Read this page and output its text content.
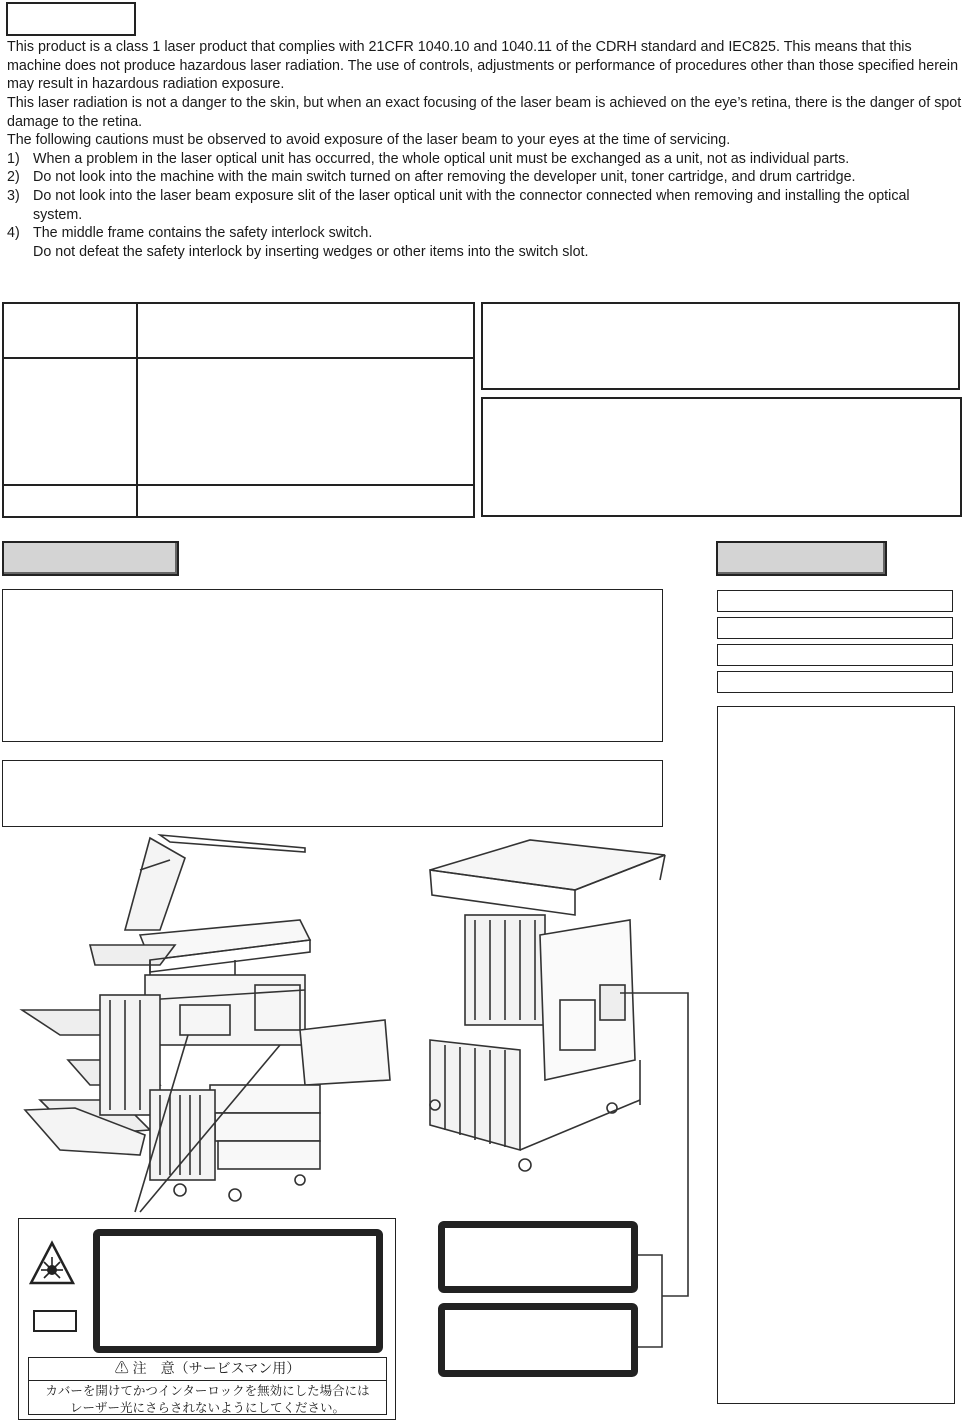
This product is a class 1 laser product that complies with 21CFR 1040.10 and 1040.11 of the CDRH standard and IEC825. This means that this machine does not produce hazardous laser radiation. The use of controls, adjustments or performance of procedures other than those specified herein may result in hazardous radiation exposure.

This laser radiation is not a danger to the skin, but when an exact focusing of the laser beam is achieved on the eye’s retina, there is the danger of spot damage to the retina.

The following cautions must be observed to avoid exposure of the laser beam to your eyes at the time of servicing.

1) When a problem in the laser optical unit has occurred, the whole optical unit must be exchanged as a unit, not as individual parts.
2) Do not look into the machine with the main switch turned on after removing the developer unit, toner cartridge, and drum cartridge.
3) Do not look into the laser beam exposure slit of the laser optical unit with the connector connected when removing and installing the optical system.
4) The middle frame contains the safety interlock switch.
Do not defeat the safety interlock by inserting wedges or other items into the switch slot.
⚠ 注　意（サービスマン用）
カバーを開けてかつインターロックを無効にした場合には
レーザー光にさらされないようにしてください。
